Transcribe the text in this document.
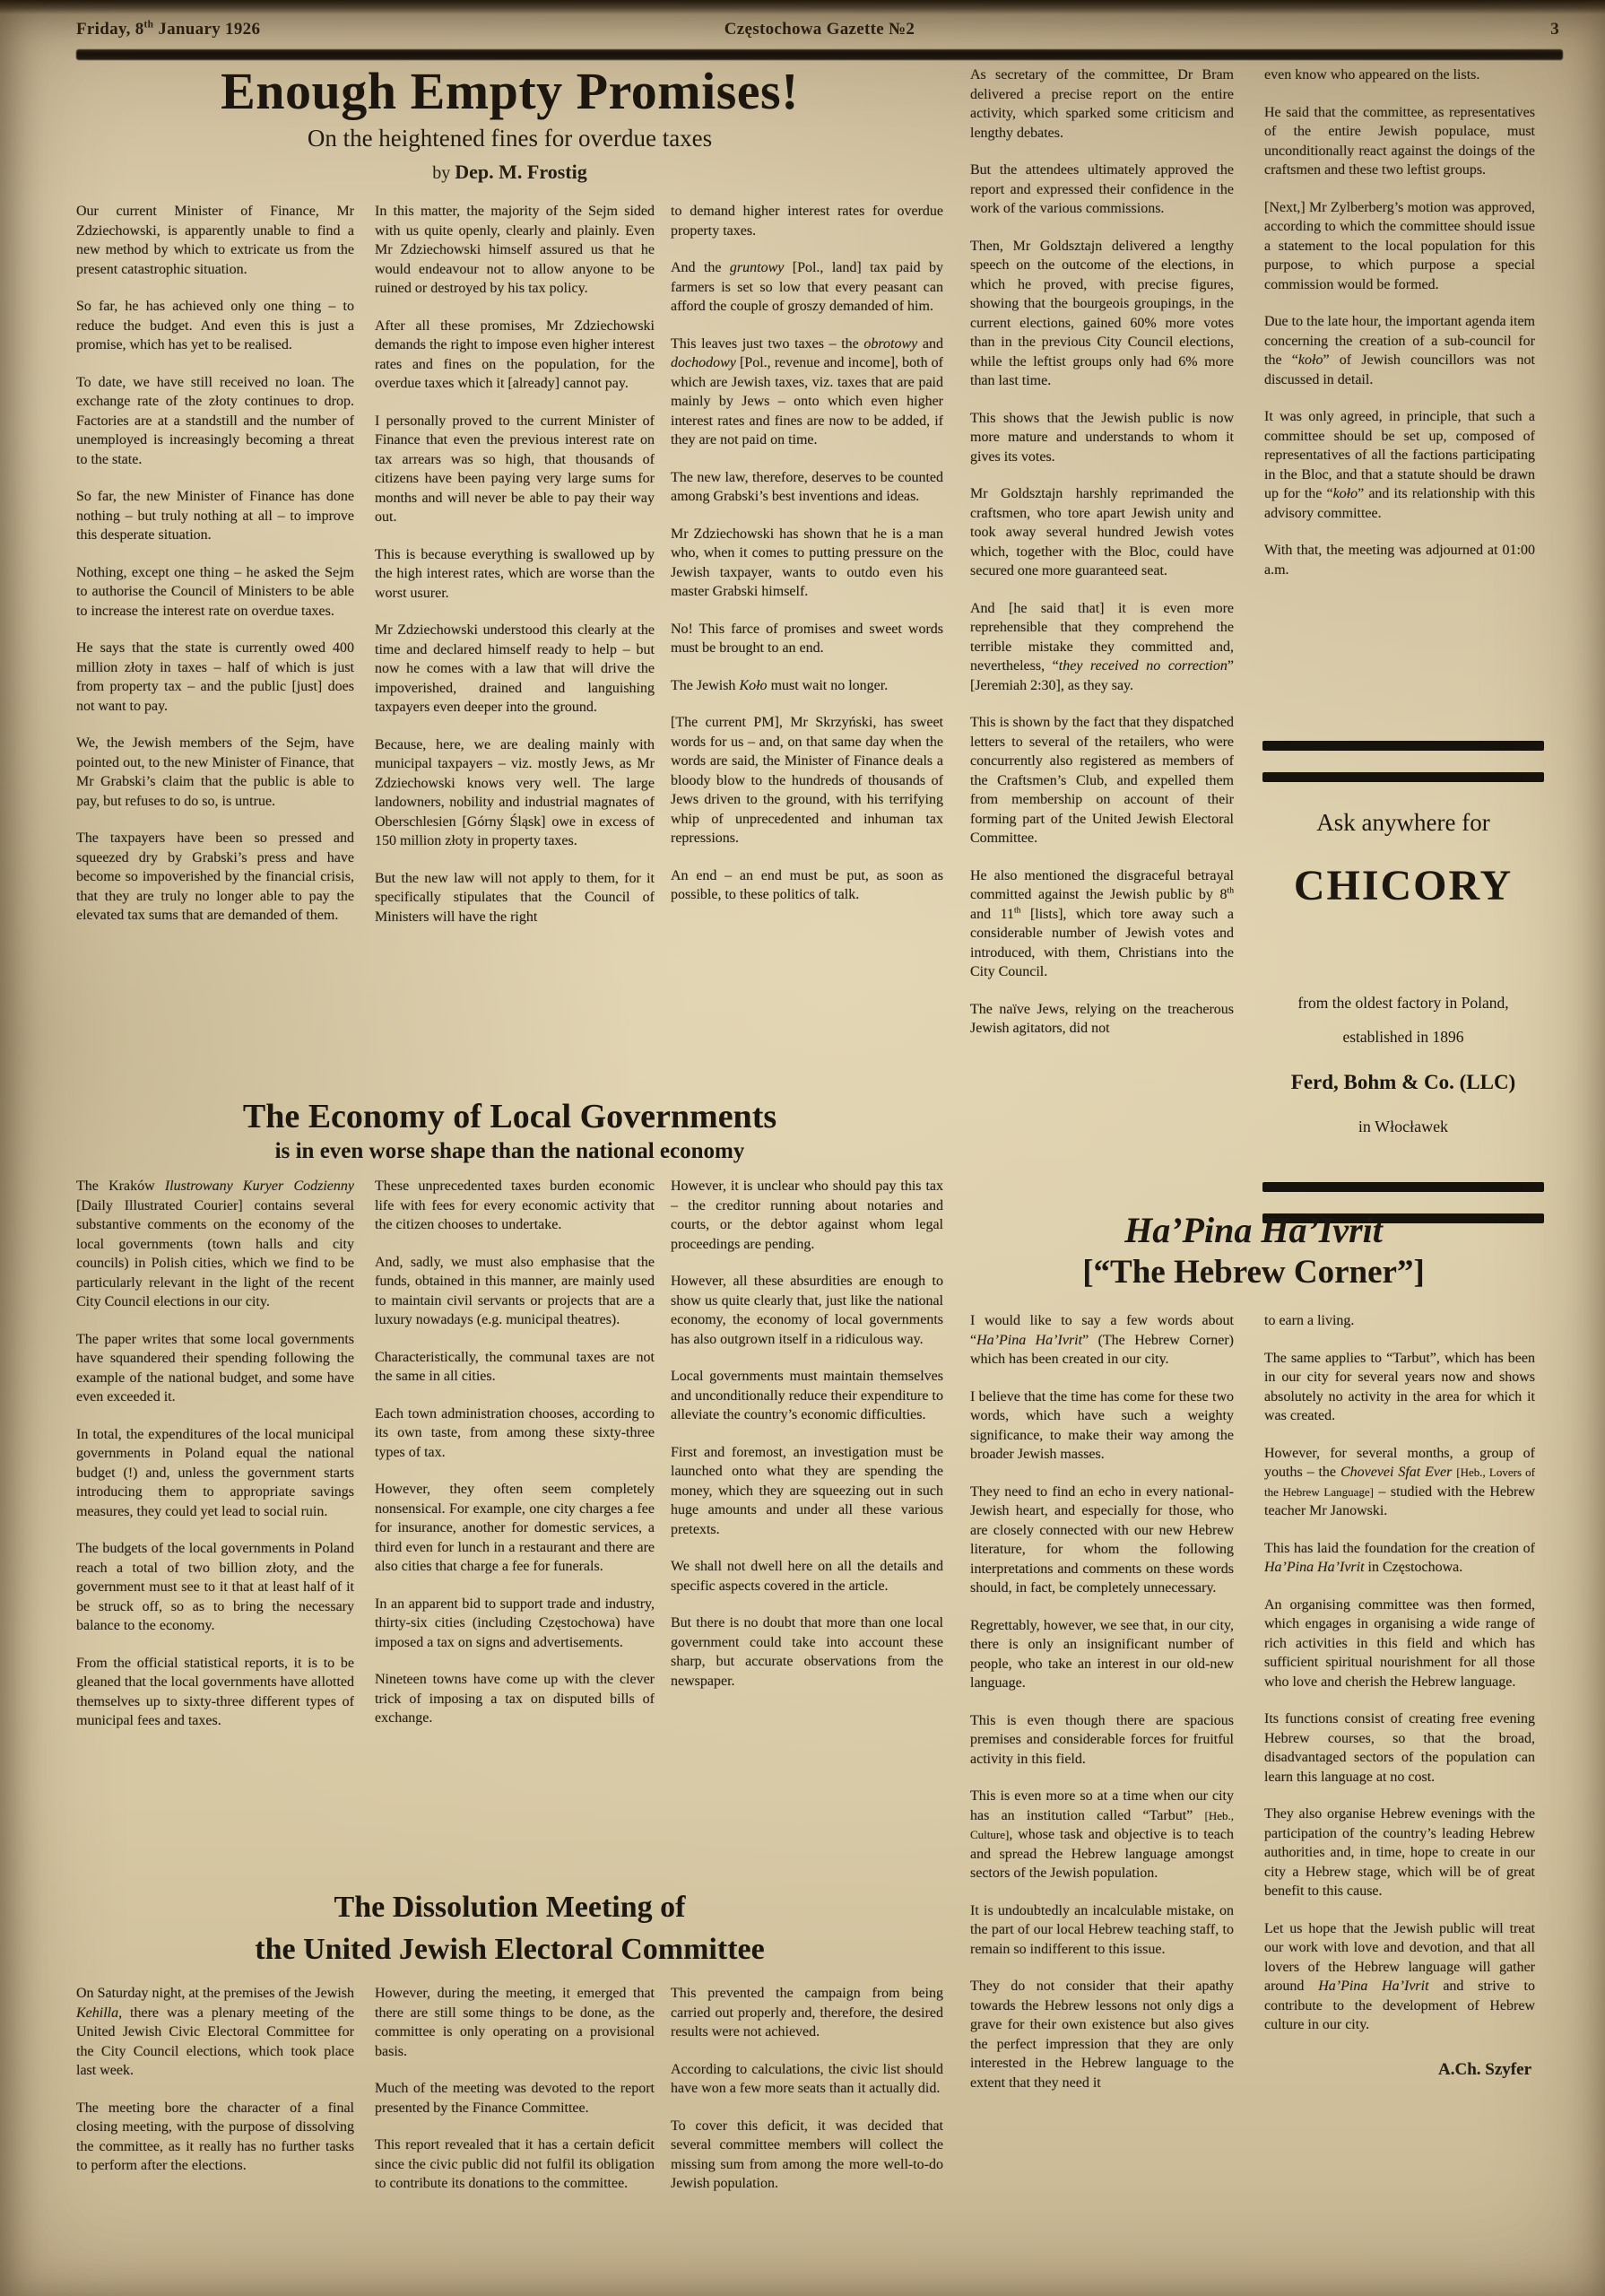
Friday, 8th January 1926	Częstochowa Gazette №2	3
Enough Empty Promises!
On the heightened fines for overdue taxes
by Dep. M. Frostig

Our current Minister of Finance, Mr Zdziechowski, is apparently unable to find a new method by which to extricate us from the present catastrophic situation.

So far, he has achieved only one thing – to reduce the budget. And even this is just a promise, which has yet to be realised.

To date, we have still received no loan. The exchange rate of the złoty continues to drop. Factories are at a standstill and the number of unemployed is increasingly becoming a threat to the state.

So far, the new Minister of Finance has done nothing – but truly nothing at all – to improve this desperate situation.

Nothing, except one thing – he asked the Sejm to authorise the Council of Ministers to be able to increase the interest rate on overdue taxes.

He says that the state is currently owed 400 million złoty in taxes – half of which is just from property tax – and the public [just] does not want to pay.

We, the Jewish members of the Sejm, have pointed out, to the new Minister of Finance, that Mr Grabski’s claim that the public is able to pay, but refuses to do so, is untrue.

The taxpayers have been so pressed and squeezed dry by Grabski’s press and have become so impoverished by the financial crisis, that they are truly no longer able to pay the elevated tax sums that are demanded of them.

In this matter, the majority of the Sejm sided with us quite openly, clearly and plainly. Even Mr Zdziechowski himself assured us that he would endeavour not to allow anyone to be ruined or destroyed by his tax policy.

After all these promises, Mr Zdziechowski demands the right to impose even higher interest rates and fines on the population, for the overdue taxes which it [already] cannot pay.

I personally proved to the current Minister of Finance that even the previous interest rate on tax arrears was so high, that thousands of citizens have been paying very large sums for months and will never be able to pay their way out.

This is because everything is swallowed up by the high interest rates, which are worse than the worst usurer.

Mr Zdziechowski understood this clearly at the time and declared himself ready to help – but now he comes with a law that will drive the impoverished, drained and languishing taxpayers even deeper into the ground.

Because, here, we are dealing mainly with municipal taxpayers – viz. mostly Jews, as Mr Zdziechowski knows very well. The large landowners, nobility and industrial magnates of Oberschlesien [Górny Śląsk] owe in excess of 150 million złoty in property taxes.

But the new law will not apply to them, for it specifically stipulates that the Council of Ministers will have the right

to demand higher interest rates for overdue property taxes.

And the gruntowy [Pol., land] tax paid by farmers is set so low that every peasant can afford the couple of groszy demanded of him.

This leaves just two taxes – the obrotowy and dochodowy [Pol., revenue and income], both of which are Jewish taxes, viz. taxes that are paid mainly by Jews – onto which even higher interest rates and fines are now to be added, if they are not paid on time.

The new law, therefore, deserves to be counted among Grabski’s best inventions and ideas.

Mr Zdziechowski has shown that he is a man who, when it comes to putting pressure on the Jewish taxpayer, wants to outdo even his master Grabski himself.

No! This farce of promises and sweet words must be brought to an end.

The Jewish Koło must wait no longer.

[The current PM], Mr Skrzyński, has sweet words for us – and, on that same day when the words are said, the Minister of Finance deals a bloody blow to the hundreds of thousands of Jews driven to the ground, with his terrifying whip of unprecedented and inhuman tax repressions.

An end – an end must be put, as soon as possible, to these politics of talk.

The Economy of Local Governments
is in even worse shape than the national economy

The Kraków Ilustrowany Kuryer Codzienny [Daily Illustrated Courier] contains several substantive comments on the economy of the local governments (town halls and city councils) in Polish cities, which we find to be particularly relevant in the light of the recent City Council elections in our city.

The paper writes that some local governments have squandered their spending following the example of the national budget, and some have even exceeded it.

In total, the expenditures of the local municipal governments in Poland equal the national budget (!) and, unless the government starts introducing them to appropriate savings measures, they could yet lead to social ruin.

The budgets of the local governments in Poland reach a total of two billion złoty, and the government must see to it that at least half of it be struck off, so as to bring the necessary balance to the economy.

From the official statistical reports, it is to be gleaned that the local governments have allotted themselves up to sixty-three different types of municipal fees and taxes.

These unprecedented taxes burden economic life with fees for every economic activity that the citizen chooses to undertake.

And, sadly, we must also emphasise that the funds, obtained in this manner, are mainly used to maintain civil servants or projects that are a luxury nowadays (e.g. municipal theatres).

Characteristically, the communal taxes are not the same in all cities.

Each town administration chooses, according to its own taste, from among these sixty-three types of tax.

However, they often seem completely nonsensical. For example, one city charges a fee for insurance, another for domestic services, a third even for lunch in a restaurant and there are also cities that charge a fee for funerals.

In an apparent bid to support trade and industry, thirty-six cities (including Częstochowa) have imposed a tax on signs and advertisements.

Nineteen towns have come up with the clever trick of imposing a tax on disputed bills of exchange.

However, it is unclear who should pay this tax – the creditor running about notaries and courts, or the debtor against whom legal proceedings are pending.

However, all these absurdities are enough to show us quite clearly that, just like the national economy, the economy of local governments has also outgrown itself in a ridiculous way.

Local governments must maintain themselves and unconditionally reduce their expenditure to alleviate the country’s economic difficulties.

First and foremost, an investigation must be launched onto what they are spending the money, which they are squeezing out in such huge amounts and under all these various pretexts.

We shall not dwell here on all the details and specific aspects covered in the article.

But there is no doubt that more than one local government could take into account these sharp, but accurate observations from the newspaper.

The Dissolution Meeting of
the United Jewish Electoral Committee

On Saturday night, at the premises of the Jewish Kehilla, there was a plenary meeting of the United Jewish Civic Electoral Committee for the City Council elections, which took place last week.

The meeting bore the character of a final closing meeting, with the purpose of dissolving the committee, as it really has no further tasks to perform after the elections.

However, during the meeting, it emerged that there are still some things to be done, as the committee is only operating on a provisional basis.

Much of the meeting was devoted to the report presented by the Finance Committee.

This report revealed that it has a certain deficit since the civic public did not fulfil its obligation to contribute its donations to the committee.

This prevented the campaign from being carried out properly and, therefore, the desired results were not achieved.

According to calculations, the civic list should have won a few more seats than it actually did.

To cover this deficit, it was decided that several committee members will collect the missing sum from among the more well-to-do Jewish population.

As secretary of the committee, Dr Bram delivered a precise report on the entire activity, which sparked some criticism and lengthy debates.

But the attendees ultimately approved the report and expressed their confidence in the work of the various commissions.

Then, Mr Goldsztajn delivered a lengthy speech on the outcome of the elections, in which he proved, with precise figures, showing that the bourgeois groupings, in the current elections, gained 60% more votes than in the previous City Council elections, while the leftist groups only had 6% more than last time.

This shows that the Jewish public is now more mature and understands to whom it gives its votes.

Mr Goldsztajn harshly reprimanded the craftsmen, who tore apart Jewish unity and took away several hundred Jewish votes which, together with the Bloc, could have secured one more guaranteed seat.

And [he said that] it is even more reprehensible that they comprehend the terrible mistake they committed and, nevertheless, “they received no correction” [Jeremiah 2:30], as they say.

This is shown by the fact that they dispatched letters to several of the retailers, who were concurrently also registered as members of the Craftsmen’s Club, and expelled them from membership on account of their forming part of the United Jewish Electoral Committee.

He also mentioned the disgraceful betrayal committed against the Jewish public by 8th and 11th [lists], which tore away such a considerable number of Jewish votes and introduced, with them, Christians into the City Council.

The naïve Jews, relying on the treacherous Jewish agitators, did not

even know who appeared on the lists.

He said that the committee, as representatives of the entire Jewish populace, must unconditionally react against the doings of the craftsmen and these two leftist groups.

[Next,] Mr Zylberberg’s motion was approved, according to which the committee should issue a statement to the local population for this purpose, to which purpose a special commission would be formed.

Due to the late hour, the important agenda item concerning the creation of a sub-council for the “koło” of Jewish councillors was not discussed in detail.

It was only agreed, in principle, that such a committee should be set up, composed of representatives of all the factions participating in the Bloc, and that a statute should be drawn up for the “koło” and its relationship with this advisory committee.

With that, the meeting was adjourned at 01:00 a.m.

Ask anywhere for
CHICORY
from the oldest factory in Poland,
established in 1896
Ferd, Bohm & Co. (LLC)
in Włocławek
Ha’Pina Ha’Ivrit
[“The Hebrew Corner”]

I would like to say a few words about “Ha’Pina Ha’Ivrit” (The Hebrew Corner) which has been created in our city.

I believe that the time has come for these two words, which have such a weighty significance, to make their way among the broader Jewish masses.

They need to find an echo in every national-Jewish heart, and especially for those, who are closely connected with our new Hebrew literature, for whom the following interpretations and comments on these words should, in fact, be completely unnecessary.

Regrettably, however, we see that, in our city, there is only an insignificant number of people, who take an interest in our old-new language.

This is even though there are spacious premises and considerable forces for fruitful activity in this field.

This is even more so at a time when our city has an institution called “Tarbut” [Heb., Culture], whose task and objective is to teach and spread the Hebrew language amongst sectors of the Jewish population.

It is undoubtedly an incalculable mistake, on the part of our local Hebrew teaching staff, to remain so indifferent to this issue.

They do not consider that their apathy towards the Hebrew lessons not only digs a grave for their own existence but also gives the perfect impression that they are only interested in the Hebrew language to the extent that they need it

to earn a living.

The same applies to “Tarbut”, which has been in our city for several years now and shows absolutely no activity in the area for which it was created.

However, for several months, a group of youths – the Chovevei Sfat Ever [Heb., Lovers of the Hebrew Language] – studied with the Hebrew teacher Mr Janowski.

This has laid the foundation for the creation of Ha’Pina Ha’Ivrit in Częstochowa.

An organising committee was then formed, which engages in organising a wide range of rich activities in this field and which has sufficient spiritual nourishment for all those who love and cherish the Hebrew language.

Its functions consist of creating free evening Hebrew courses, so that the broad, disadvantaged sectors of the population can learn this language at no cost.

They also organise Hebrew evenings with the participation of the country’s leading Hebrew authorities and, in time, hope to create in our city a Hebrew stage, which will be of great benefit to this cause.

Let us hope that the Jewish public will treat our work with love and devotion, and that all lovers of the Hebrew language will gather around Ha’Pina Ha’Ivrit and strive to contribute to the development of Hebrew culture in our city.

A.Ch. Szyfer
